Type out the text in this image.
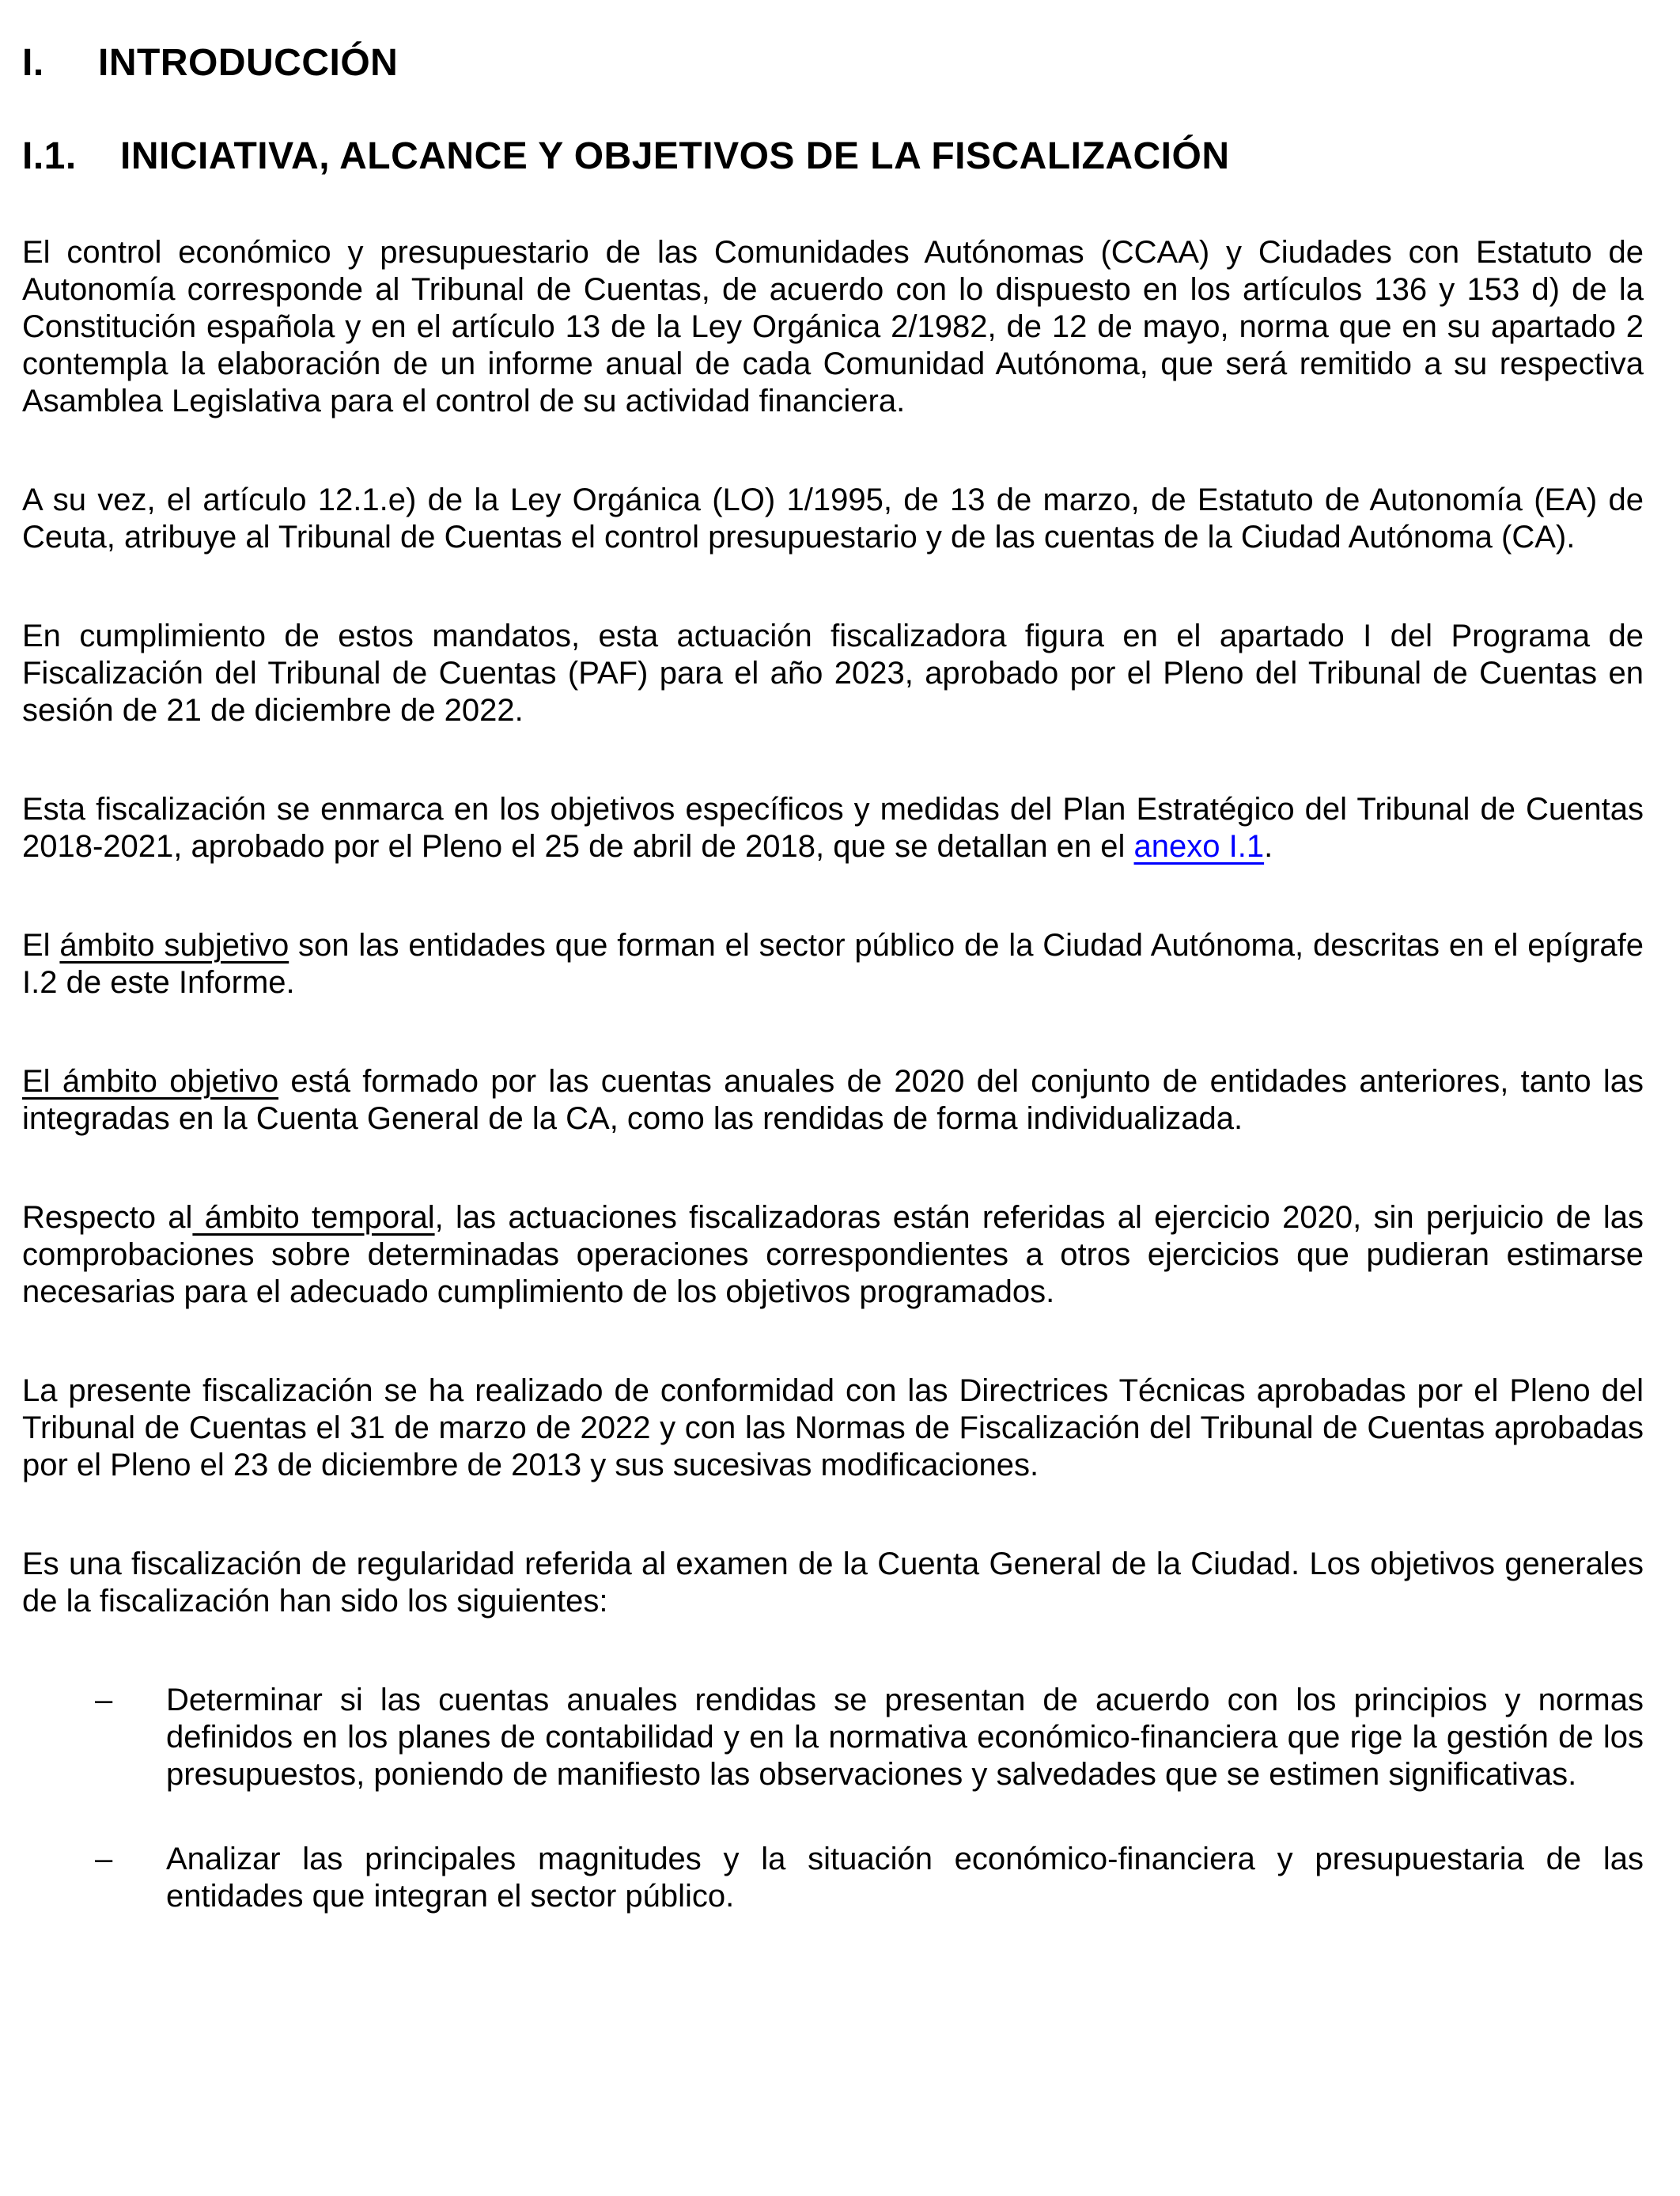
I.	INTRODUCCIÓN
I.1.	INICIATIVA, ALCANCE Y OBJETIVOS DE LA FISCALIZACIÓN

El control económico y presupuestario de las Comunidades Autónomas (CCAA) y Ciudades con Estatuto de Autonomía corresponde al Tribunal de Cuentas, de acuerdo con lo dispuesto en los artículos 136 y 153 d) de la Constitución española y en el artículo 13 de la Ley Orgánica 2/1982, de 12 de mayo, norma que en su apartado 2 contempla la elaboración de un informe anual de cada Comunidad Autónoma, que será remitido a su respectiva Asamblea Legislativa para el control de su actividad financiera.

A su vez, el artículo 12.1.e) de la Ley Orgánica (LO) 1/1995, de 13 de marzo, de Estatuto de Autonomía (EA) de Ceuta, atribuye al Tribunal de Cuentas el control presupuestario y de las cuentas de la Ciudad Autónoma (CA).

En cumplimiento de estos mandatos, esta actuación fiscalizadora figura en el apartado I del Programa de Fiscalización del Tribunal de Cuentas (PAF) para el año 2023, aprobado por el Pleno del Tribunal de Cuentas en sesión de 21 de diciembre de 2022.

Esta fiscalización se enmarca en los objetivos específicos y medidas del Plan Estratégico del Tribunal de Cuentas 2018-2021, aprobado por el Pleno el 25 de abril de 2018, que se detallan en el anexo I.1.

El ámbito subjetivo son las entidades que forman el sector público de la Ciudad Autónoma, descritas en el epígrafe I.2 de este Informe.

El ámbito objetivo está formado por las cuentas anuales de 2020 del conjunto de entidades anteriores, tanto las integradas en la Cuenta General de la CA, como las rendidas de forma individualizada.

Respecto al ámbito temporal, las actuaciones fiscalizadoras están referidas al ejercicio 2020, sin perjuicio de las comprobaciones sobre determinadas operaciones correspondientes a otros ejercicios que pudieran estimarse necesarias para el adecuado cumplimiento de los objetivos programados.

La presente fiscalización se ha realizado de conformidad con las Directrices Técnicas aprobadas por el Pleno del Tribunal de Cuentas el 31 de marzo de 2022 y con las Normas de Fiscalización del Tribunal de Cuentas aprobadas por el Pleno el 23 de diciembre de 2013 y sus sucesivas modificaciones.

Es una fiscalización de regularidad referida al examen de la Cuenta General de la Ciudad. Los objetivos generales de la fiscalización han sido los siguientes:

–	Determinar si las cuentas anuales rendidas se presentan de acuerdo con los principios y normas definidos en los planes de contabilidad y en la normativa económico-financiera que rige la gestión de los presupuestos, poniendo de manifiesto las observaciones y salvedades que se estimen significativas.
–	Analizar las principales magnitudes y la situación económico-financiera y presupuestaria de las entidades que integran el sector público.
